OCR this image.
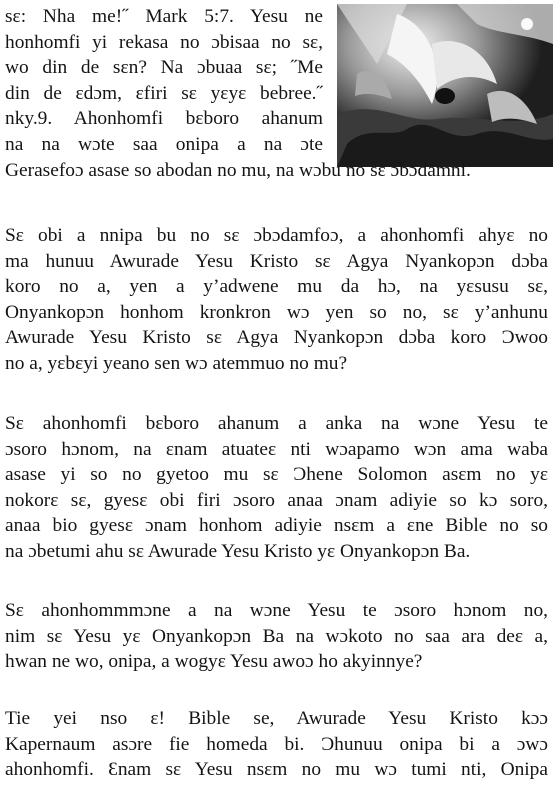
sɛ: Nha me!˝ Mark 5:7. Yesu ne
honhomfi yi rekasa no ɔbisaa no sɛ,
wo din de sɛn? Na ɔbuaa sɛ; ˝Me
din de ɛdɔm, ɛfiri sɛ yɛyɛ bebree.˝
nky.9. Ahonhomfi bɛboro ahanum
na na wɔte saa onipa a na ɔte
Gerasefoɔ asase so abodan no mu, na wɔbu no sɛ ɔbɔdamni.
Sɛ obi a nnipa bu no sɛ ɔbɔdamfoɔ, a ahonhomfi ahyɛ no
ma hunuu Awurade Yesu Kristo sɛ Agya Nyankopɔn dɔba
koro no a, yen a y’adwene mu da hɔ, na yɛsusu sɛ,
Onyankopɔn honhom kronkron wɔ yen so no, sɛ y’anhunu
Awurade Yesu Kristo sɛ Agya Nyankopɔn dɔba koro Ɔwoo
no a, yɛbɛyi yeano sen wɔ atemmuo no mu?
Sɛ ahonhomfi bɛboro ahanum a anka na wɔne Yesu te
ɔsoro hɔnom, na ɛnam atuateɛ nti wɔapamo wɔn ama waba
asase yi so no gyetoo mu sɛ Ɔhene Solomon asɛm no yɛ
nokorɛ sɛ, gyesɛ obi firi ɔsoro anaa ɔnam adiyie so kɔ soro,
anaa bio gyesɛ ɔnam honhom adiyie nsɛm a ɛne Bible no so
na ɔbetumi ahu sɛ Awurade Yesu Kristo yɛ Onyankopɔn Ba.
Sɛ ahonhommmɔne a na wɔne Yesu te ɔsoro hɔnom no,
nim sɛ Yesu yɛ Onyankopɔn Ba na wɔkoto no saa ara deɛ a,
hwan ne wo, onipa, a wogyɛ Yesu awoɔ ho akyinnye?
Tie yei nso ɛ! Bible se, Awurade Yesu Kristo kɔɔ
Kapernaum asɔre fie homeda bi. Ɔhunuu onipa bi a ɔwɔ
ahonhomfi. Ɛnam sɛ Yesu nsɛm no mu wɔ tumi nti, Onipa
